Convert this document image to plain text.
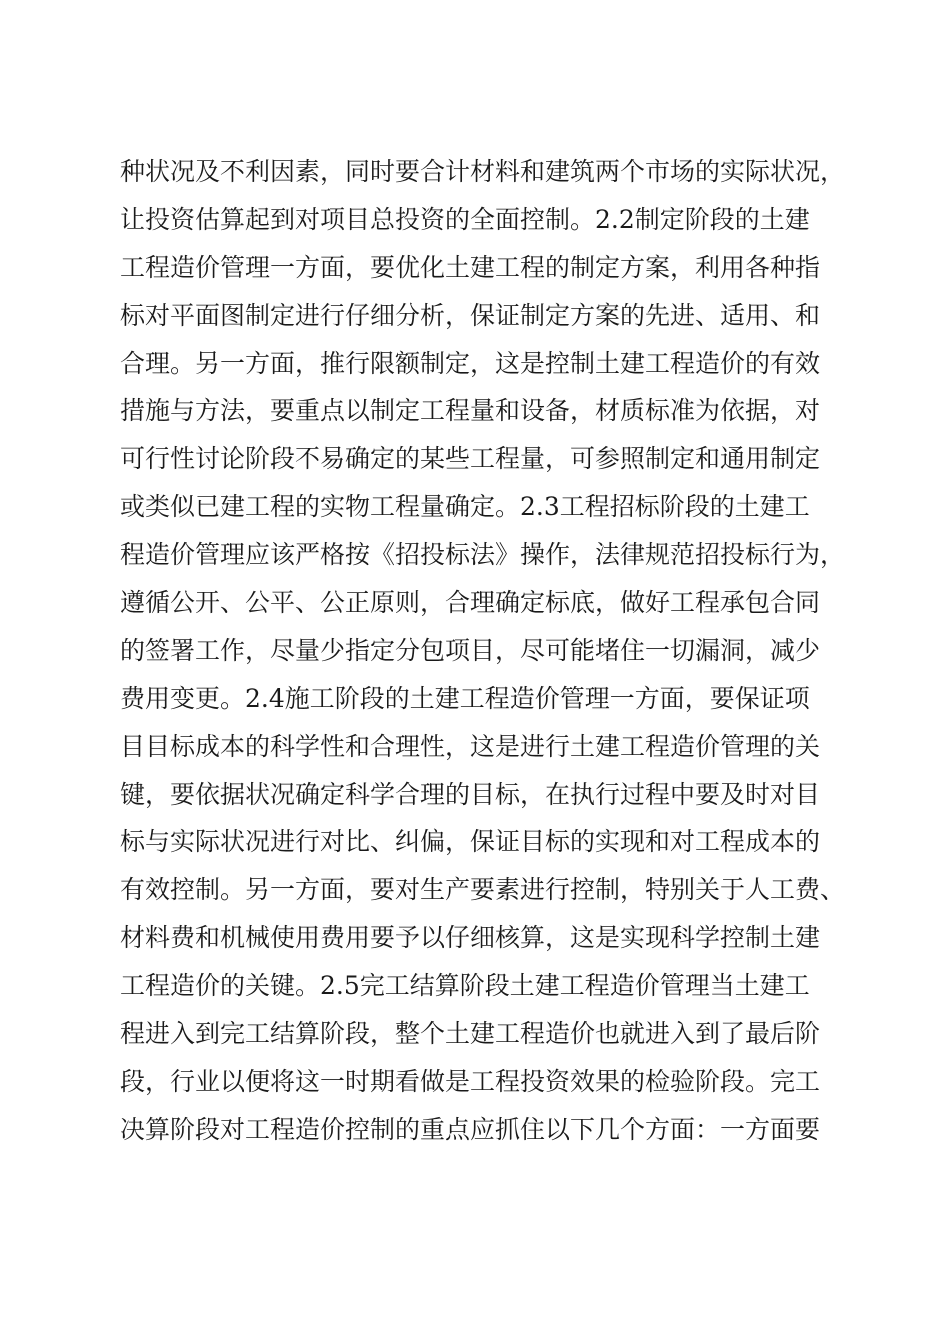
种状况及不利因素，同时要合计材料和建筑两个市场的实际状况，
让投资估算起到对项目总投资的全面控制。2.2制定阶段的土建
工程造价管理一方面，要优化土建工程的制定方案，利用各种指
标对平面图制定进行仔细分析，保证制定方案的先进、适用、和
合理。另一方面，推行限额制定，这是控制土建工程造价的有效
措施与方法，要重点以制定工程量和设备，材质标准为依据，对
可行性讨论阶段不易确定的某些工程量，可参照制定和通用制定
或类似已建工程的实物工程量确定。2.3工程招标阶段的土建工
程造价管理应该严格按《招投标法》操作，法律规范招投标行为，
遵循公开、公平、公正原则，合理确定标底，做好工程承包合同
的签署工作，尽量少指定分包项目，尽可能堵住一切漏洞，减少
费用变更。2.4施工阶段的土建工程造价管理一方面，要保证项
目目标成本的科学性和合理性，这是进行土建工程造价管理的关
键，要依据状况确定科学合理的目标，在执行过程中要及时对目
标与实际状况进行对比、纠偏，保证目标的实现和对工程成本的
有效控制。另一方面，要对生产要素进行控制，特别关于人工费、
材料费和机械使用费用要予以仔细核算，这是实现科学控制土建
工程造价的关键。2.5完工结算阶段土建工程造价管理当土建工
程进入到完工结算阶段，整个土建工程造价也就进入到了最后阶
段，行业以便将这一时期看做是工程投资效果的检验阶段。完工
决算阶段对工程造价控制的重点应抓住以下几个方面：一方面要
